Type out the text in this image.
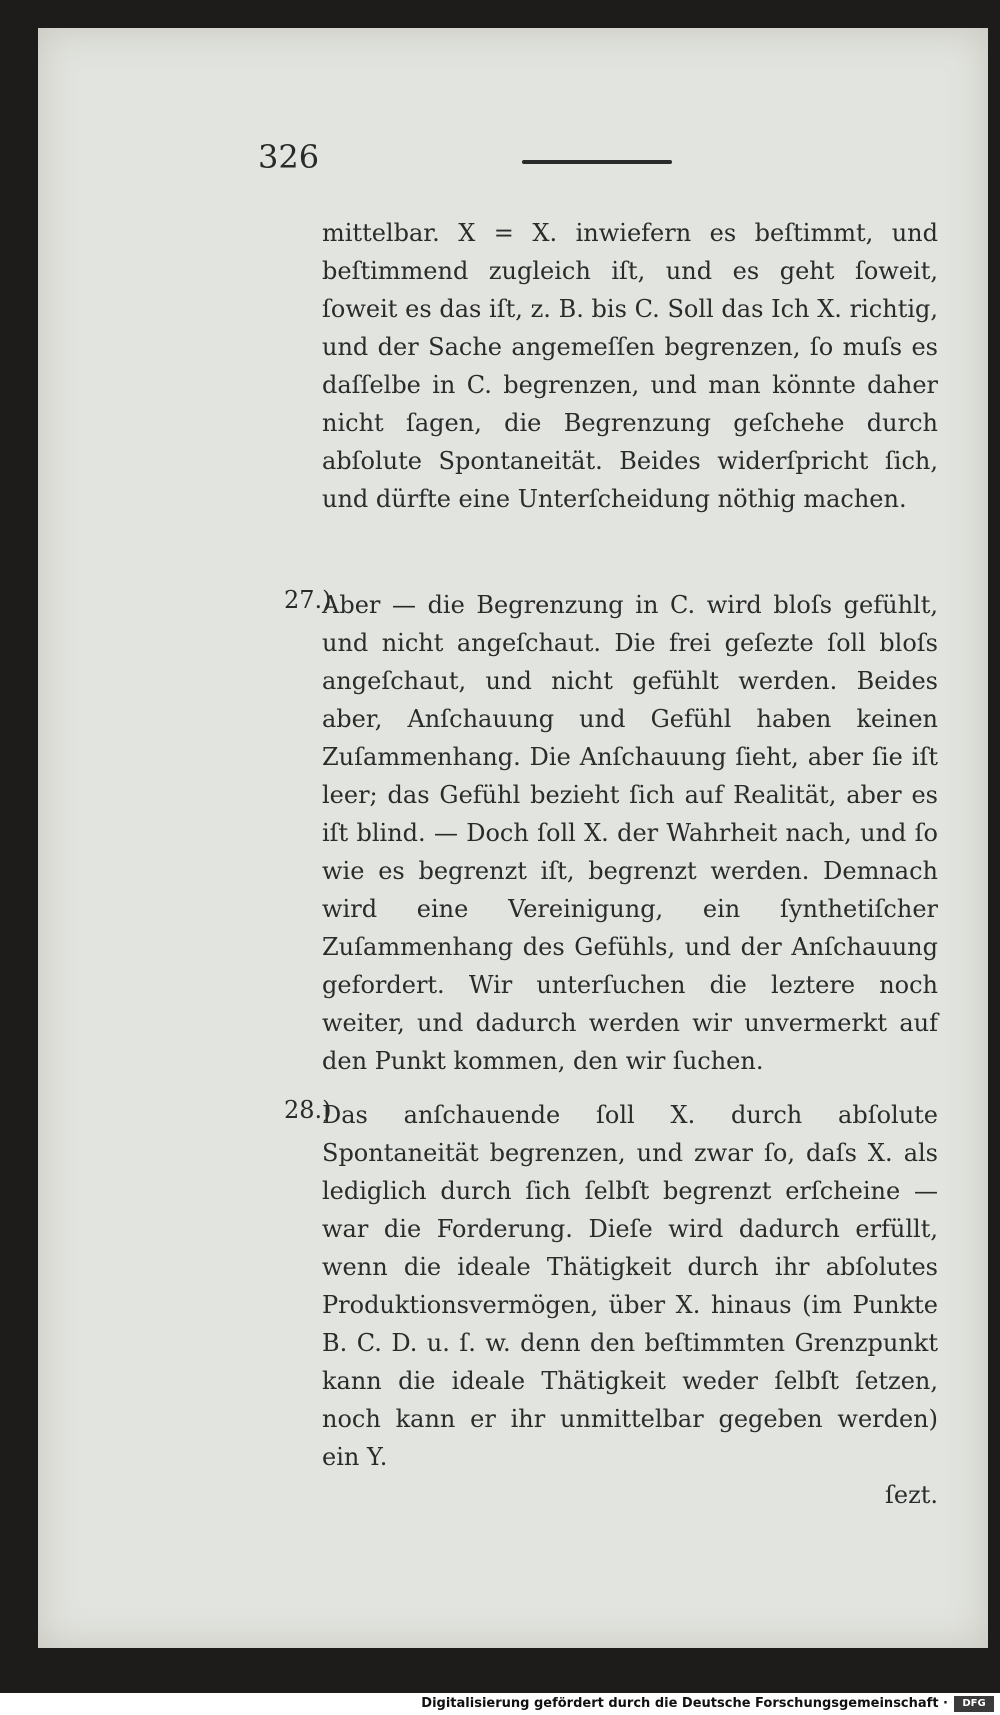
326
mittelbar. X = X. inwiefern es beſtimmt, und beſtimmend zugleich iſt, und es geht ſoweit, ſoweit es das iſt, z. B. bis C. Soll das Ich X. richtig, und der Sache angemeſſen begrenzen, ſo muſs es daſſelbe in C. begrenzen, und man könnte daher nicht ſagen, die Begrenzung geſchehe durch abſolute Spontaneität. Beides widerſpricht ſich, und dürfte eine Unterſcheidung nöthig machen.
27.)
Aber — die Begrenzung in C. wird bloſs gefühlt, und nicht angeſchaut. Die frei geſezte ſoll bloſs angeſchaut, und nicht gefühlt werden. Beides aber, Anſchauung und Gefühl haben keinen Zuſammenhang. Die Anſchauung ſieht, aber ſie iſt leer; das Gefühl bezieht ſich auf Realität, aber es iſt blind. — Doch ſoll X. der Wahrheit nach, und ſo wie es begrenzt iſt, begrenzt werden. Demnach wird eine Vereinigung, ein ſynthetiſcher Zuſammenhang des Gefühls, und der Anſchauung gefordert. Wir unterſuchen die leztere noch weiter, und dadurch werden wir unvermerkt auf den Punkt kommen, den wir ſuchen.
28.)
Das anſchauende ſoll X. durch abſolute Spontaneität begrenzen, und zwar ſo, daſs X. als lediglich durch ſich ſelbſt begrenzt erſcheine — war die Forderung. Dieſe wird dadurch erfüllt, wenn die ideale Thätigkeit durch ihr abſolutes Produktionsvermögen, über X. hinaus (im Punkte B. C. D. u. ſ. w. denn den beſtimmten Grenzpunkt kann die ideale Thätigkeit weder ſelbſt ſetzen, noch kann er ihr unmittelbar gegeben werden) ein Y.
ſezt.
Digitalisierung gefördert durch die Deutsche Forschungsgemeinschaft ·	DFG
